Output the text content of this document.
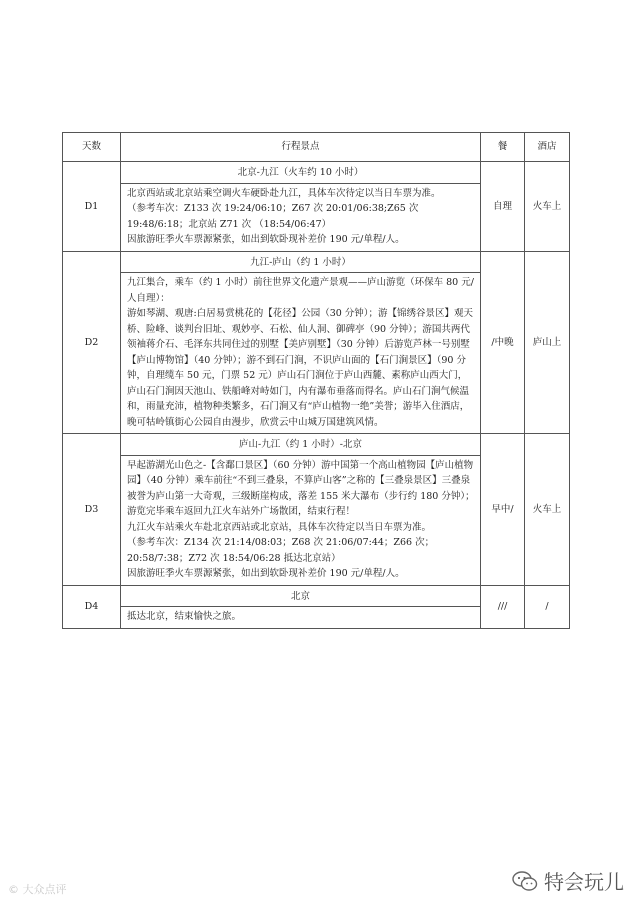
天数	行程景点	餐	酒店
D1	北京-九江（火车约 10 小时）

北京西站或北京站乘空调火车硬卧赴九江，具体车次待定以当日车票为准。

（参考车次：Z133 次 19:24/06:10；Z67 次 20:01/06:38;Z65 次 19:48/6:18；北京站 Z71 次 （18:54/06:47）

因旅游旺季火车票源紧张，如出到软卧现补差价 190 元/单程/人。	自理	火车上
D2	九江-庐山（约 1 小时）

九江集合，乘车（约 1 小时）前往世界文化遗产景观——庐山游览（环保车 80 元/人自理）：

游如琴湖、观唐:白居易赏桃花的【花径】公园（30 分钟）；游【锦绣谷景区】观天桥、险峰、谈判台旧址、观妙亭、石松、仙人洞、御碑亭（90 分钟）；游国共两代领袖蒋介石、毛泽东共同住过的别墅【美庐别墅】（30 分钟）后游览芦林一号别墅【庐山博物馆】（40 分钟）；游不到石门涧，不识庐山面的【石门涧景区】（90 分钟，自理缆车 50 元，门票 52 元）庐山石门涧位于庐山西麓、素称庐山西大门，庐山石门涧因天池山、铁船峰对峙如门，内有瀑布垂落而得名。庐山石门涧气候温和，雨量充沛，植物种类繁多，石门涧又有“庐山植物一绝”美誉；游毕入住酒店，晚可牯岭镇街心公园自由漫步，欣赏云中山城万国建筑风情。	/中晚	庐山上
D3	庐山-九江（约 1 小时）-北京

早起游湖光山色之-【含鄱口景区】（60 分钟）游中国第一个高山植物园【庐山植物园】（40 分钟）乘车前往“不到三叠泉，不算庐山客”之称的【三叠泉景区】三叠泉被誉为庐山第一大奇观，三级断崖构成，落差 155 米大瀑布（步行约 180 分钟）；游览完毕乘车返回九江火车站外广场散团，结束行程！

九江火车站乘火车赴北京西站或北京站，具体车次待定以当日车票为准。

（参考车次：Z134 次 21:14/08:03；Z68 次 21:06/07:44；Z66 次；20:58/7:38；Z72 次 18:54/06:28 抵达北京站）

因旅游旺季火车票源紧张，如出到软卧现补差价 190 元/单程/人。	早中/	火车上
D4	北京

抵达北京，结束愉快之旅。	///	/
© 大众点评	特会玩儿
